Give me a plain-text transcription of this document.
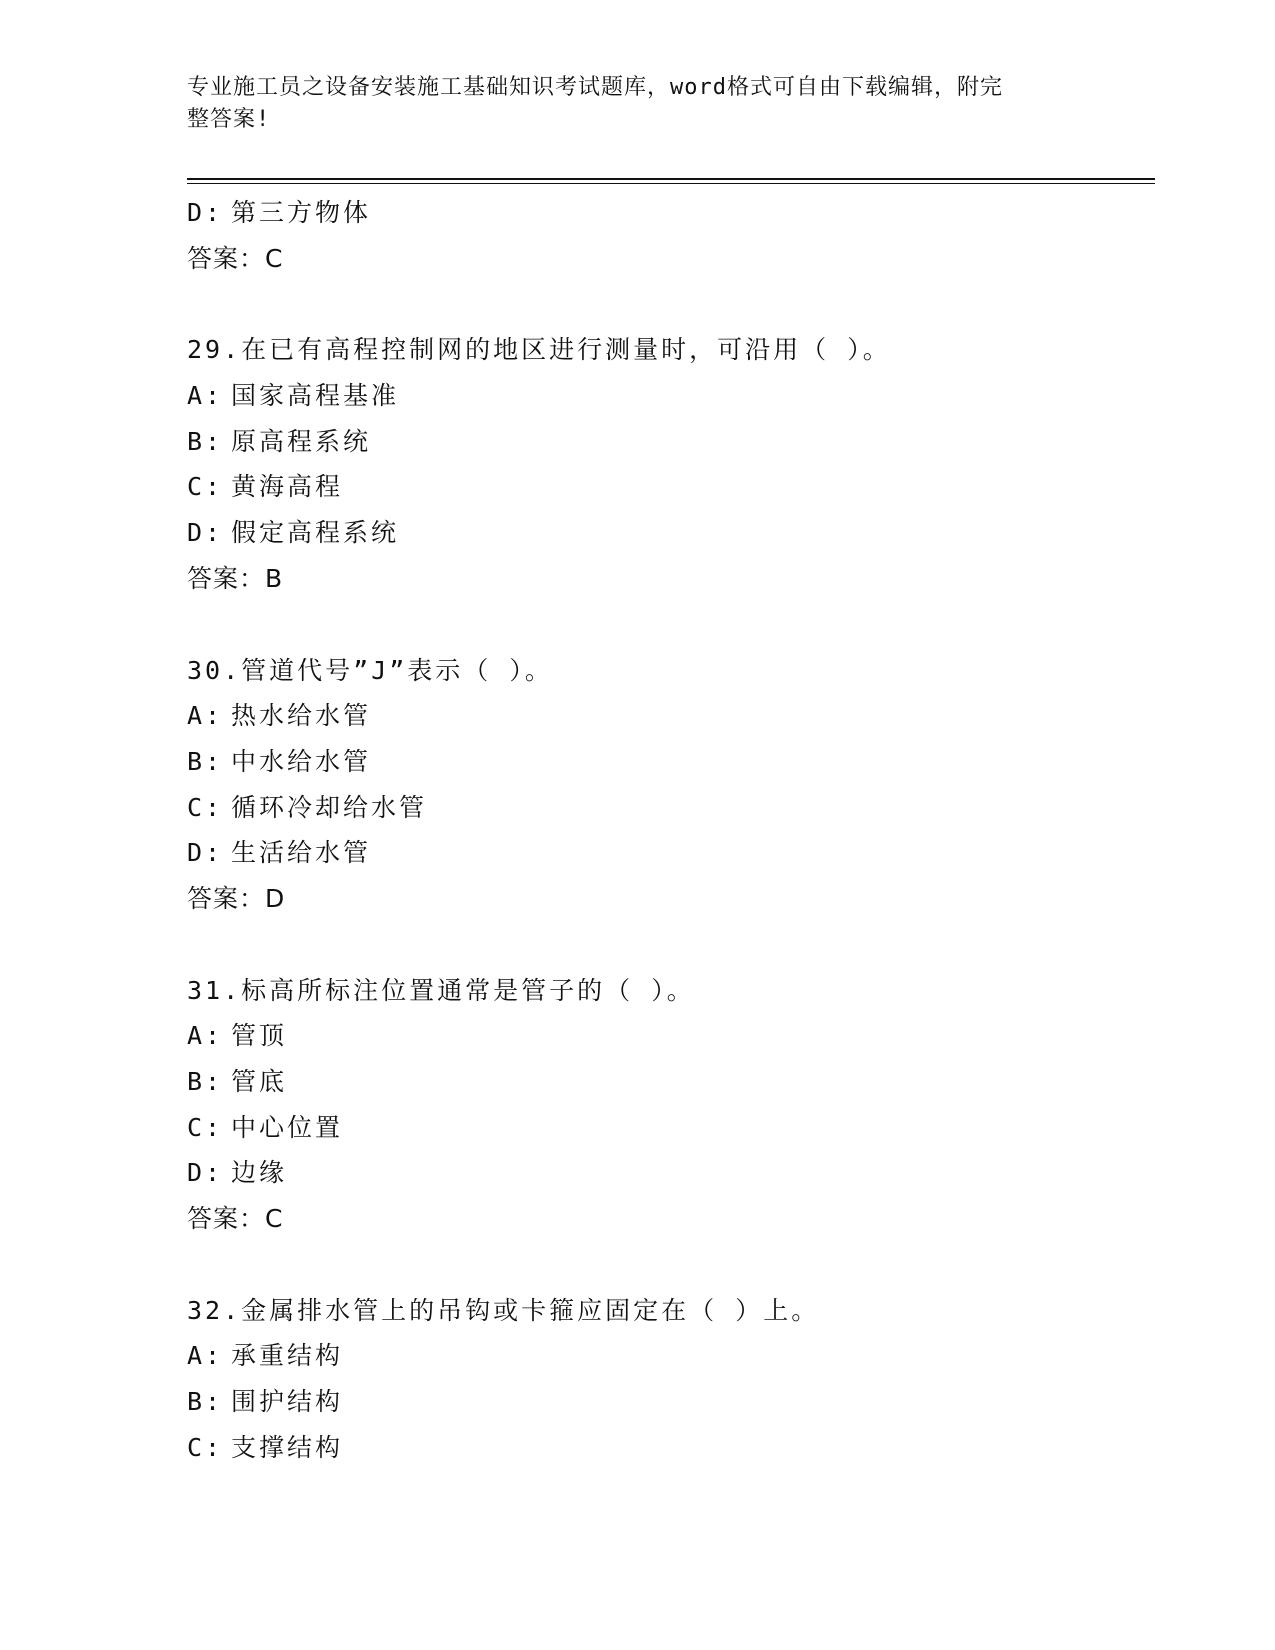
专业施工员之设备安装施工基础知识考试题库，word格式可自由下载编辑，附完
整答案!
D: 第三方物体
答案：C
29.在已有高程控制网的地区进行测量时，可沿用（ ）。
A: 国家高程基准
B: 原高程系统
C: 黄海高程
D: 假定高程系统
答案：B
30.管道代号”J”表示（ ）。
A: 热水给水管
B: 中水给水管
C: 循环冷却给水管
D: 生活给水管
答案：D
31.标高所标注位置通常是管子的（ ）。
A: 管顶
B: 管底
C: 中心位置
D: 边缘
答案：C
32.金属排水管上的吊钩或卡箍应固定在（ ）上。
A: 承重结构
B: 围护结构
C: 支撑结构
